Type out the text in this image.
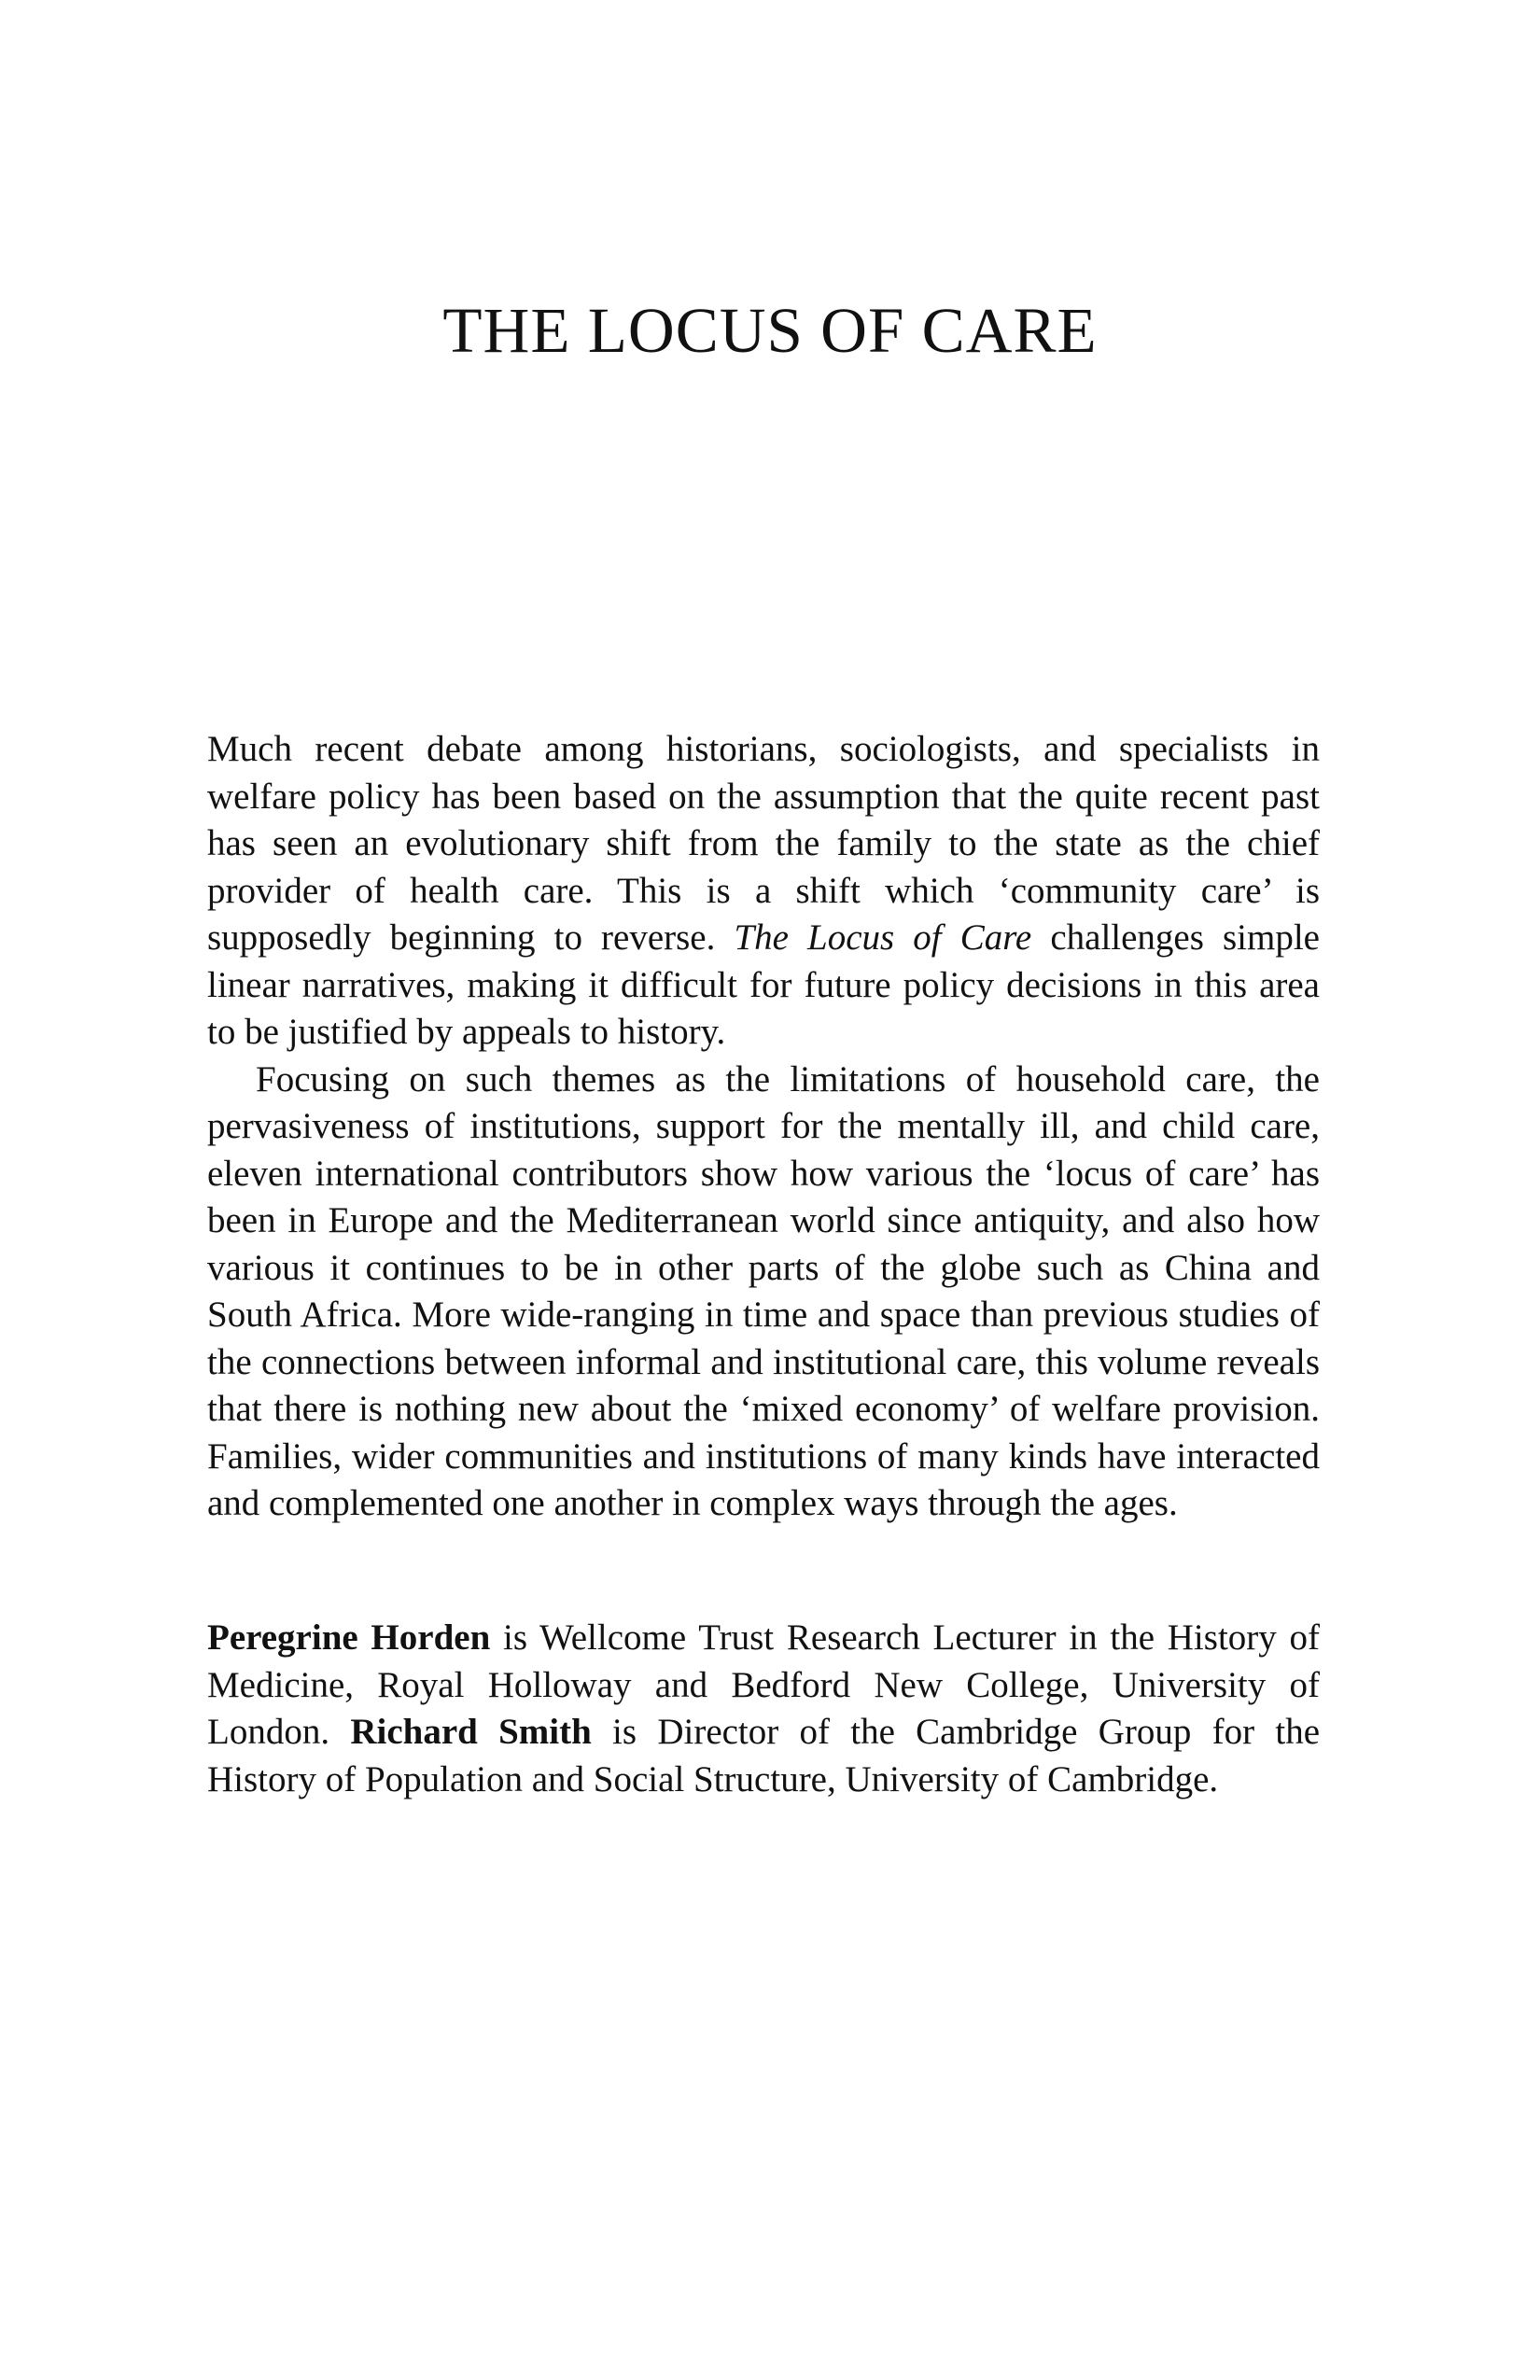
THE LOCUS OF CARE

Much recent debate among historians, sociologists, and specialists in welfare policy has been based on the assumption that the quite recent past has seen an evolutionary shift from the family to the state as the chief provider of health care. This is a shift which ‘community care’ is supposedly beginning to reverse. The Locus of Care challenges simple linear narratives, making it difficult for future policy decisions in this area to be justified by appeals to history.

Focusing on such themes as the limitations of household care, the pervasiveness of institutions, support for the mentally ill, and child care, eleven international contributors show how various the ‘locus of care’ has been in Europe and the Mediterranean world since antiquity, and also how various it continues to be in other parts of the globe such as China and South Africa. More wide-ranging in time and space than previous studies of the connections between informal and institutional care, this volume reveals that there is nothing new about the ‘mixed economy’ of welfare provision. Families, wider communities and institutions of many kinds have interacted and complemented one another in complex ways through the ages.

Peregrine Horden is Wellcome Trust Research Lecturer in the History of Medicine, Royal Holloway and Bedford New College, University of London. Richard Smith is Director of the Cambridge Group for the History of Population and Social Structure, University of Cambridge.
